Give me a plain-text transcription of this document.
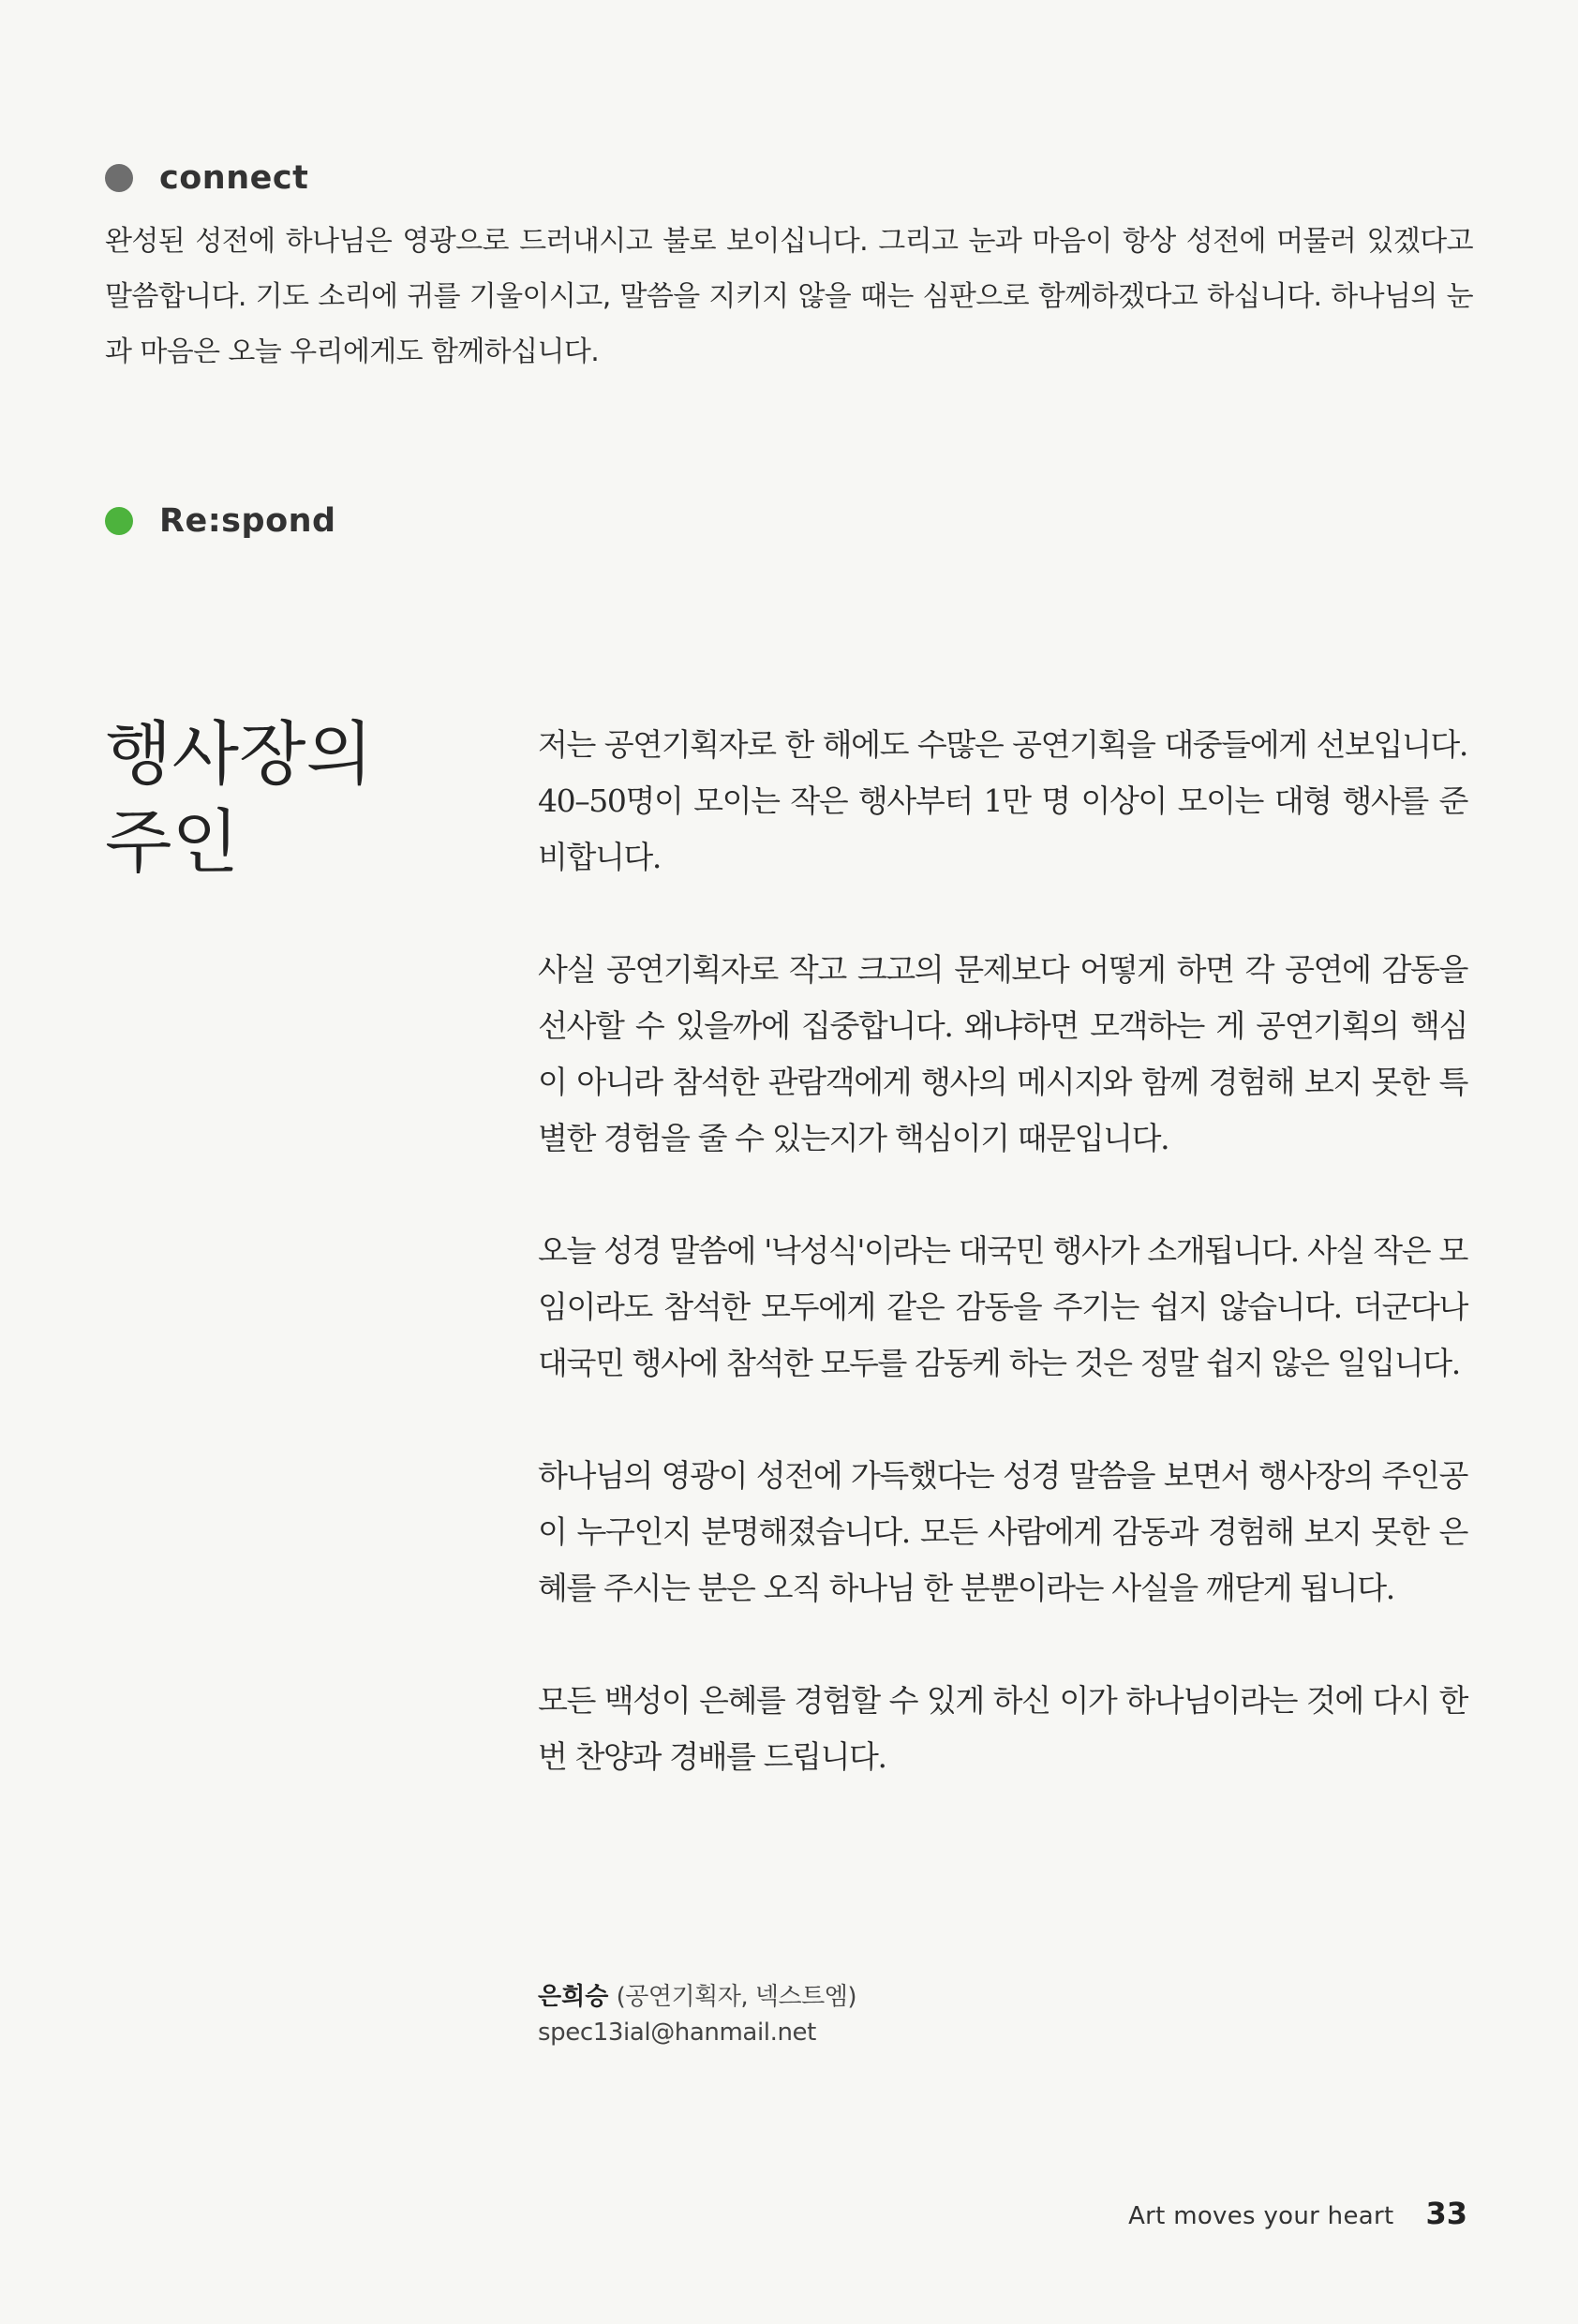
connect

완성된 성전에 하나님은 영광으로 드러내시고 불로 보이십니다. 그리고 눈과 마음이 항상 성전에 머물러 있겠다고 말씀합니다. 기도 소리에 귀를 기울이시고, 말씀을 지키지 않을 때는 심판으로 함께하겠다고 하십니다. 하나님의 눈과 마음은 오늘 우리에게도 함께하십니다.

Re:spond
행사장의
주인

저는 공연기획자로 한 해에도 수많은 공연기획을 대중들에게 선보입니다. 40–50명이 모이는 작은 행사부터 1만 명 이상이 모이는 대형 행사를 준비합니다.

사실 공연기획자로 작고 크고의 문제보다 어떻게 하면 각 공연에 감동을 선사할 수 있을까에 집중합니다. 왜냐하면 모객하는 게 공연기획의 핵심이 아니라 참석한 관람객에게 행사의 메시지와 함께 경험해 보지 못한 특별한 경험을 줄 수 있는지가 핵심이기 때문입니다.

오늘 성경 말씀에 '낙성식'이라는 대국민 행사가 소개됩니다. 사실 작은 모임이라도 참석한 모두에게 같은 감동을 주기는 쉽지 않습니다. 더군다나 대국민 행사에 참석한 모두를 감동케 하는 것은 정말 쉽지 않은 일입니다.

하나님의 영광이 성전에 가득했다는 성경 말씀을 보면서 행사장의 주인공이 누구인지 분명해졌습니다. 모든 사람에게 감동과 경험해 보지 못한 은혜를 주시는 분은 오직 하나님 한 분뿐이라는 사실을 깨닫게 됩니다.

모든 백성이 은혜를 경험할 수 있게 하신 이가 하나님이라는 것에 다시 한번 찬양과 경배를 드립니다.

은희승 (공연기획자, 넥스트엠)
spec13ial@hanmail.net
Art moves your heart 33
